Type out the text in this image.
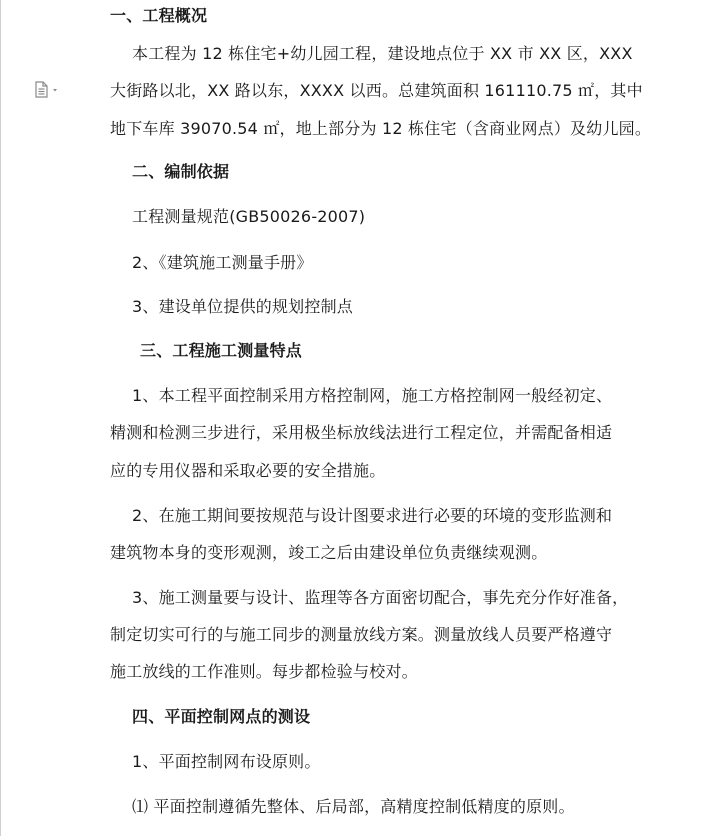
一、工程概况
本工程为 12 栋住宅+幼儿园工程，建设地点位于 XX 市 XX 区，XXX
大街路以北，XX 路以东，XXXX 以西。总建筑面积 161110.75 ㎡，其中
地下车库 39070.54 ㎡，地上部分为 12 栋住宅（含商业网点）及幼儿园。
二、编制依据
工程测量规范(GB50026-2007)
2、《建筑施工测量手册》
3、建设单位提供的规划控制点
三、工程施工测量特点
1、本工程平面控制采用方格控制网，施工方格控制网一般经初定、
精测和检测三步进行，采用极坐标放线法进行工程定位，并需配备相适
应的专用仪器和采取必要的安全措施。
2、在施工期间要按规范与设计图要求进行必要的环境的变形监测和
建筑物本身的变形观测，竣工之后由建设单位负责继续观测。
3、施工测量要与设计、监理等各方面密切配合，事先充分作好准备，
制定切实可行的与施工同步的测量放线方案。测量放线人员要严格遵守
施工放线的工作准则。每步都检验与校对。
四、平面控制网点的测设
1、平面控制网布设原则。
⑴ 平面控制遵循先整体、后局部，高精度控制低精度的原则。
